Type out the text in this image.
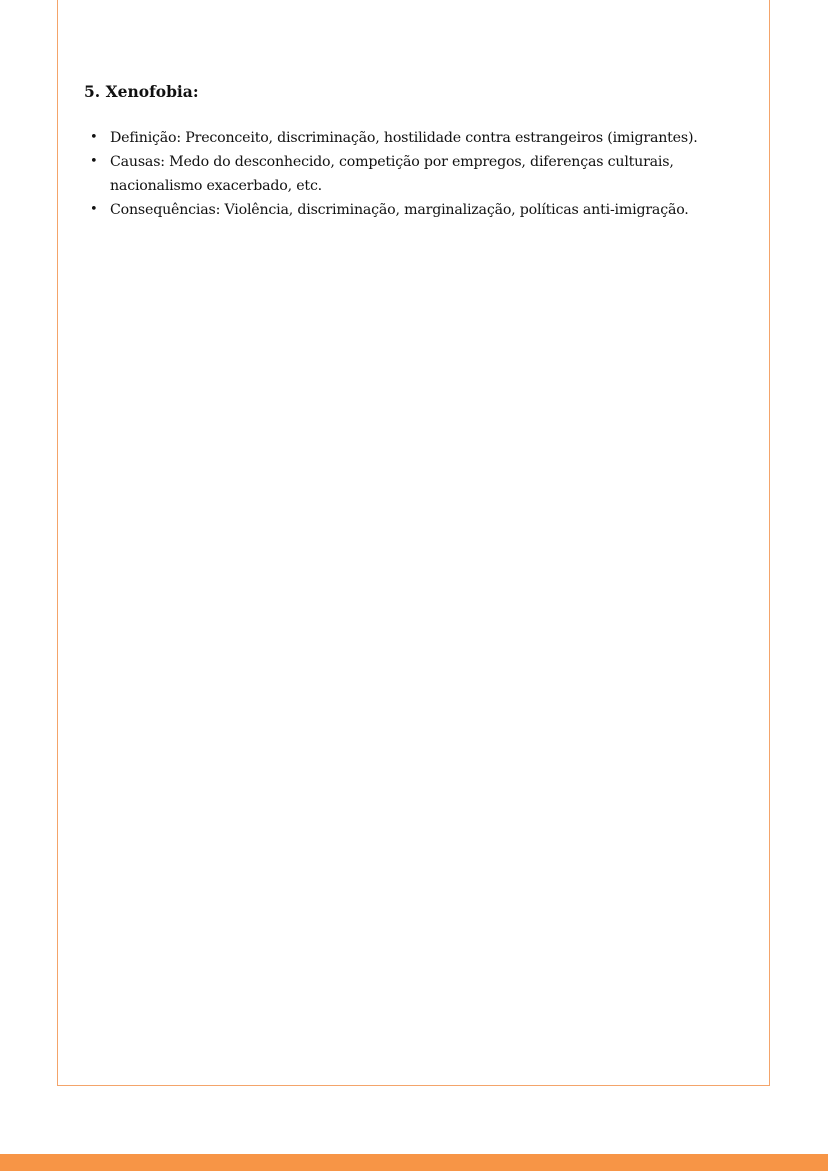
5. Xenofobia:
• Definição: Preconceito, discriminação, hostilidade contra estrangeiros (imigrantes).
• Causas: Medo do desconhecido, competição por empregos, diferenças culturais, nacionalismo exacerbado, etc.
• Consequências: Violência, discriminação, marginalização, políticas anti-imigração.
